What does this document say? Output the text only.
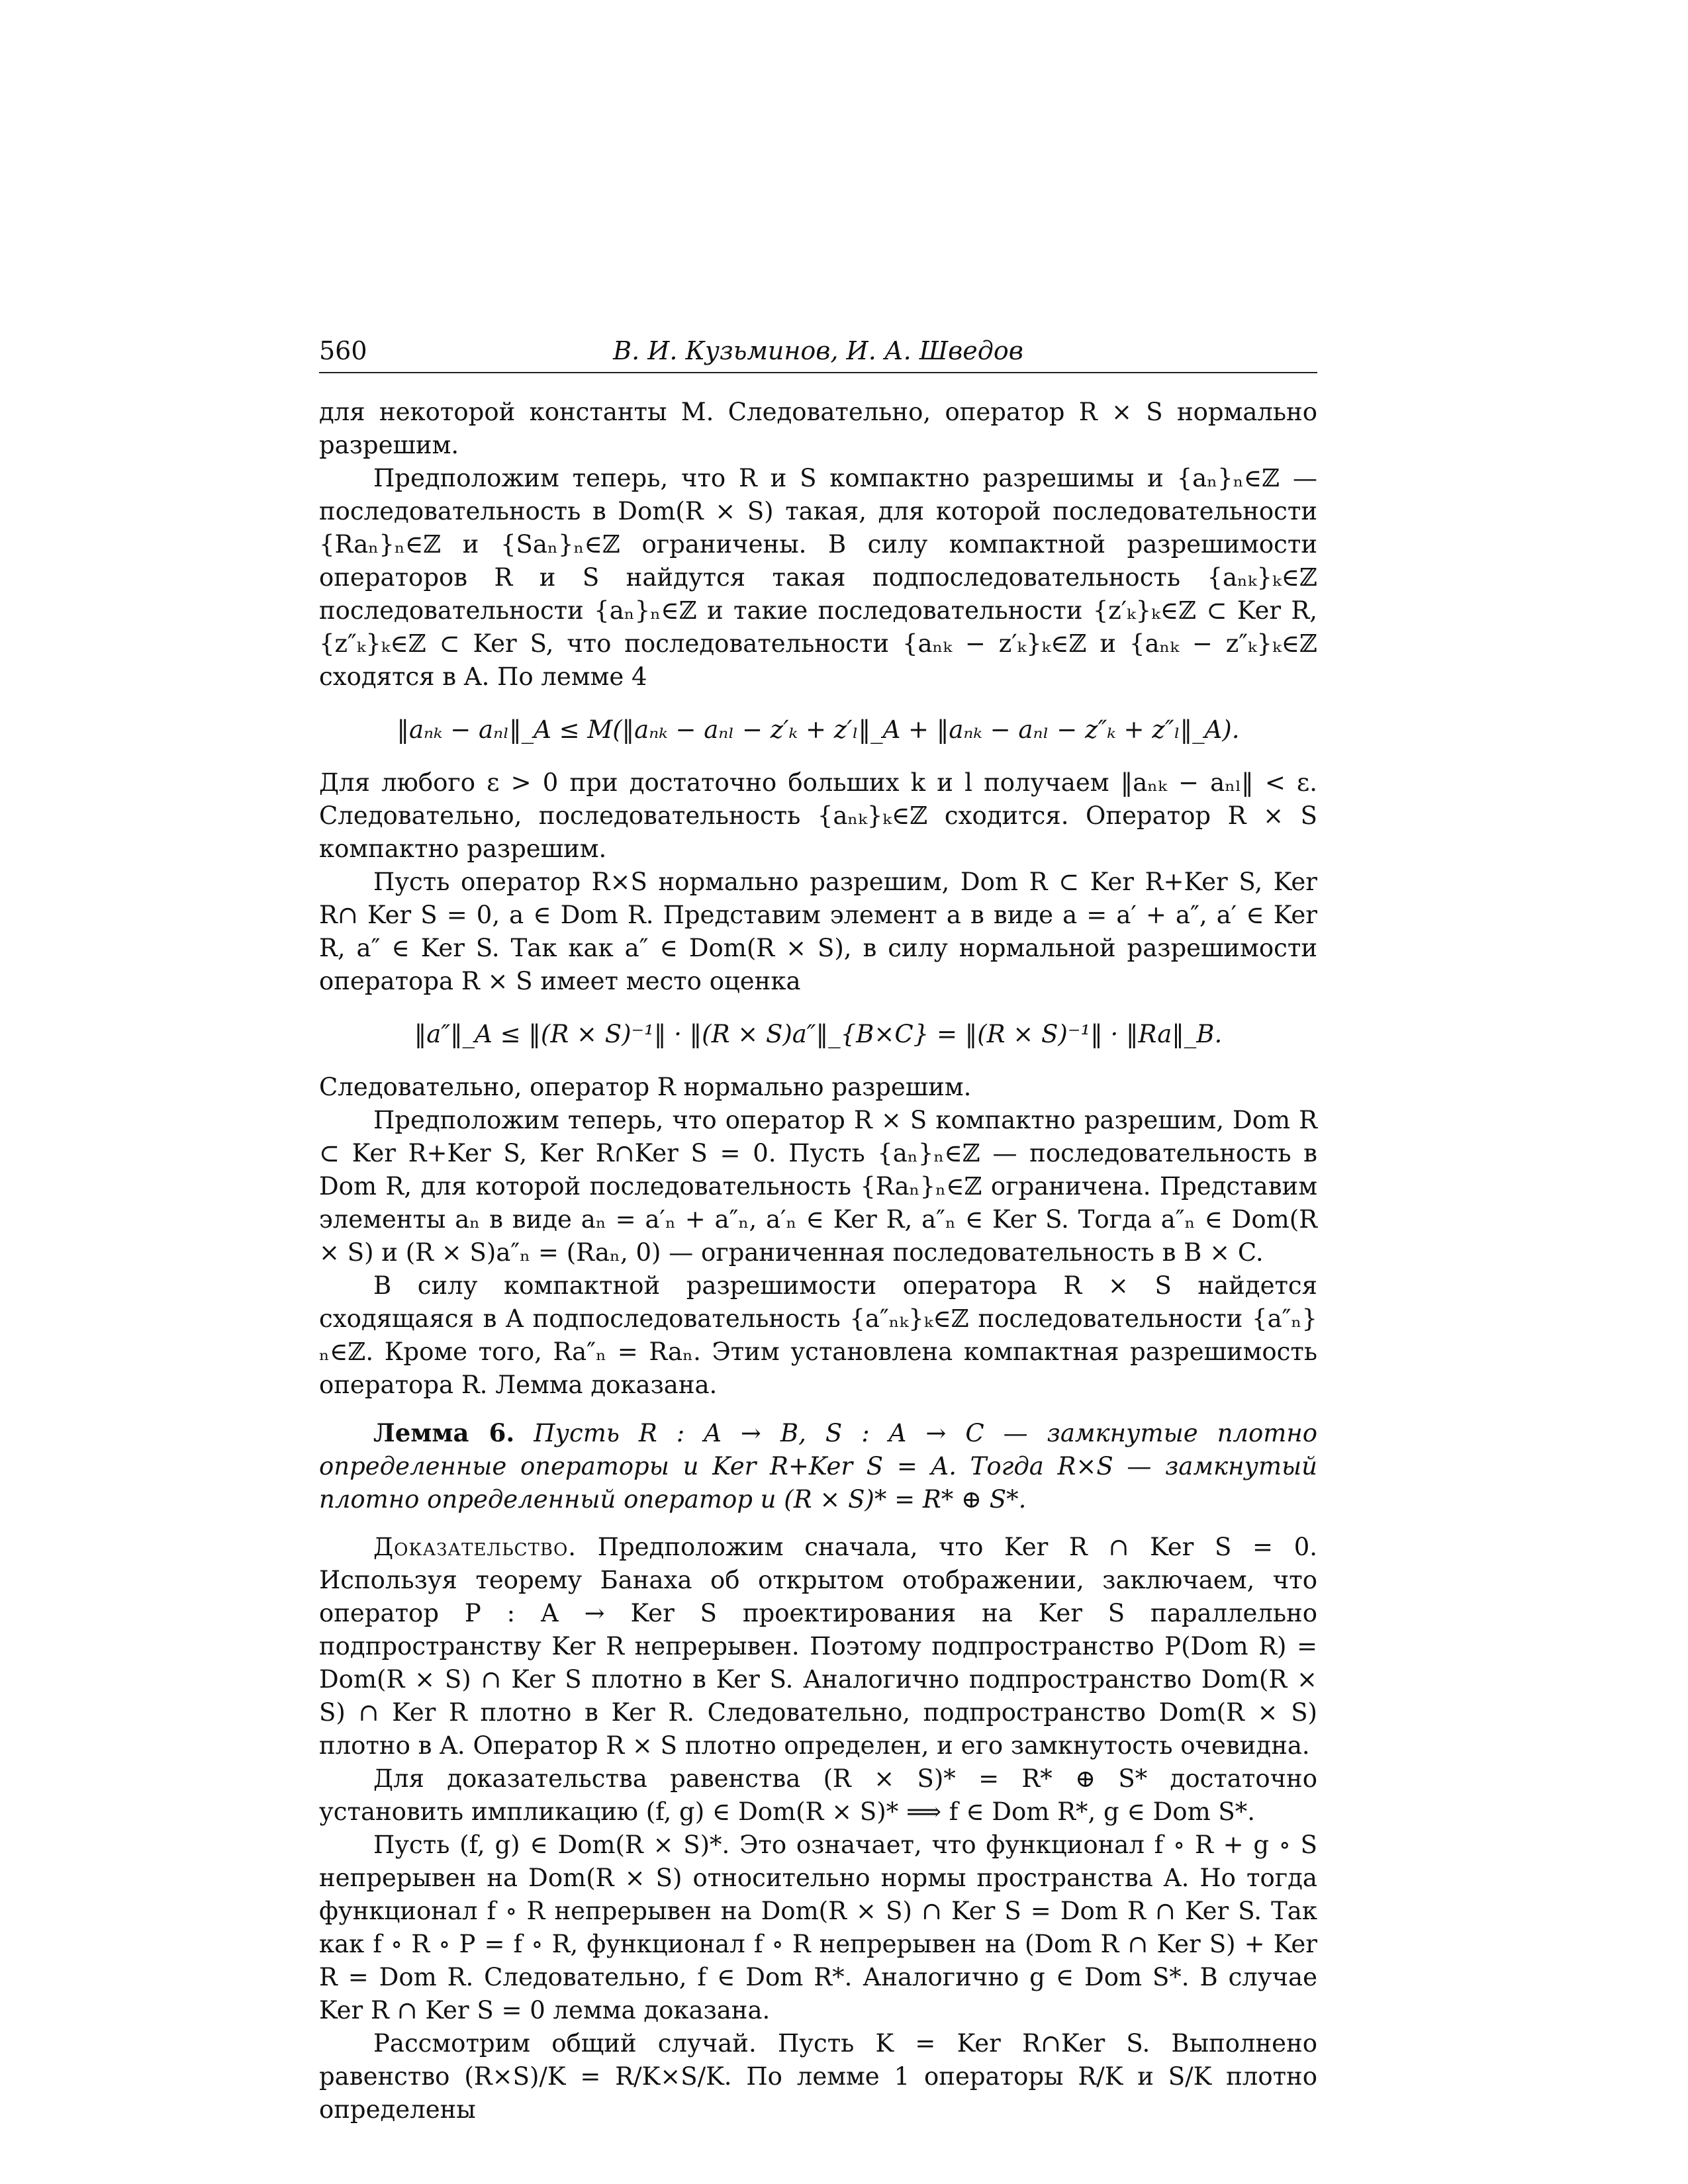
560	В. И. Кузьминов, И. А. Шведов

для некоторой константы M. Следовательно, оператор R × S нормально разрешим.

Предположим теперь, что R и S компактно разрешимы и {aₙ}ₙ∈ℤ — последовательность в Dom(R × S) такая, для которой последовательности {Raₙ}ₙ∈ℤ и {Saₙ}ₙ∈ℤ ограничены. В силу компактной разрешимости операторов R и S найдутся такая подпоследовательность {aₙₖ}ₖ∈ℤ последовательности {aₙ}ₙ∈ℤ и такие последовательности {z′ₖ}ₖ∈ℤ ⊂ Ker R, {z″ₖ}ₖ∈ℤ ⊂ Ker S, что последовательности {aₙₖ − z′ₖ}ₖ∈ℤ и {aₙₖ − z″ₖ}ₖ∈ℤ сходятся в A. По лемме 4

‖aₙₖ − aₙₗ‖_A ≤ M(‖aₙₖ − aₙₗ − z′ₖ + z′ₗ‖_A + ‖aₙₖ − aₙₗ − z″ₖ + z″ₗ‖_A).

Для любого ε > 0 при достаточно больших k и l получаем ‖aₙₖ − aₙₗ‖ < ε. Следовательно, последовательность {aₙₖ}ₖ∈ℤ сходится. Оператор R × S компактно разрешим.

Пусть оператор R×S нормально разрешим, Dom R ⊂ Ker R+Ker S, Ker R∩ Ker S = 0, a ∈ Dom R. Представим элемент a в виде a = a′ + a″, a′ ∈ Ker R, a″ ∈ Ker S. Так как a″ ∈ Dom(R × S), в силу нормальной разрешимости оператора R × S имеет место оценка

‖a″‖_A ≤ ‖(R × S)⁻¹‖ · ‖(R × S)a″‖_{B×C} = ‖(R × S)⁻¹‖ · ‖Ra‖_B.

Следовательно, оператор R нормально разрешим.

Предположим теперь, что оператор R × S компактно разрешим, Dom R ⊂ Ker R+Ker S, Ker R∩Ker S = 0. Пусть {aₙ}ₙ∈ℤ — последовательность в Dom R, для которой последовательность {Raₙ}ₙ∈ℤ ограничена. Представим элементы aₙ в виде aₙ = a′ₙ + a″ₙ, a′ₙ ∈ Ker R, a″ₙ ∈ Ker S. Тогда a″ₙ ∈ Dom(R × S) и (R × S)a″ₙ = (Raₙ, 0) — ограниченная последовательность в B × C.

В силу компактной разрешимости оператора R × S найдется сходящаяся в A подпоследовательность {a″ₙₖ}ₖ∈ℤ последовательности {a″ₙ}ₙ∈ℤ. Кроме того, Ra″ₙ = Raₙ. Этим установлена компактная разрешимость оператора R. Лемма доказана.

Лемма 6. Пусть R : A → B, S : A → C — замкнутые плотно определенные операторы и Ker R+Ker S = A. Тогда R×S — замкнутый плотно определенный оператор и (R × S)* = R* ⊕ S*.

Доказательство. Предположим сначала, что Ker R ∩ Ker S = 0. Используя теорему Банаха об открытом отображении, заключаем, что оператор P : A → Ker S проектирования на Ker S параллельно подпространству Ker R непрерывен. Поэтому подпространство P(Dom R) = Dom(R × S) ∩ Ker S плотно в Ker S. Аналогично подпространство Dom(R × S) ∩ Ker R плотно в Ker R. Следовательно, подпространство Dom(R × S) плотно в A. Оператор R × S плотно определен, и его замкнутость очевидна.

Для доказательства равенства (R × S)* = R* ⊕ S* достаточно установить импликацию (f, g) ∈ Dom(R × S)* ⟹ f ∈ Dom R*, g ∈ Dom S*.

Пусть (f, g) ∈ Dom(R × S)*. Это означает, что функционал f ∘ R + g ∘ S непрерывен на Dom(R × S) относительно нормы пространства A. Но тогда функционал f ∘ R непрерывен на Dom(R × S) ∩ Ker S = Dom R ∩ Ker S. Так как f ∘ R ∘ P = f ∘ R, функционал f ∘ R непрерывен на (Dom R ∩ Ker S) + Ker R = Dom R. Следовательно, f ∈ Dom R*. Аналогично g ∈ Dom S*. В случае Ker R ∩ Ker S = 0 лемма доказана.

Рассмотрим общий случай. Пусть K = Ker R∩Ker S. Выполнено равенство (R×S)/K = R/K×S/K. По лемме 1 операторы R/K и S/K плотно определены
